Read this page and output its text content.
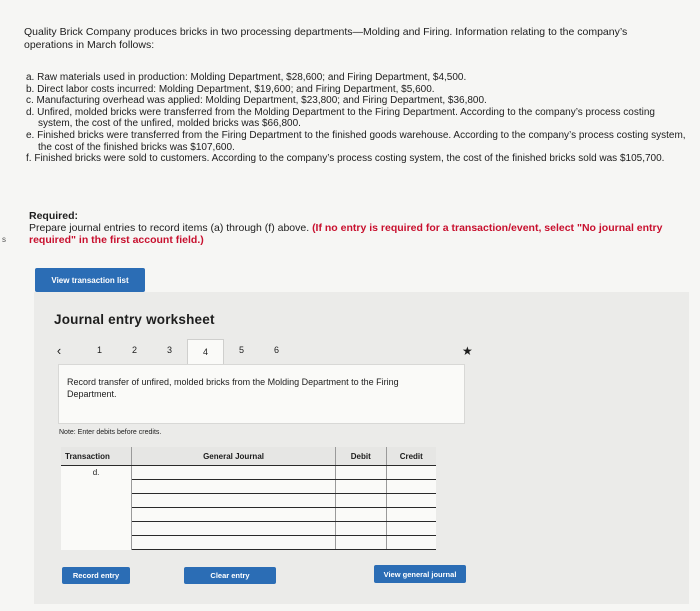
Quality Brick Company produces bricks in two processing departments—Molding and Firing. Information relating to the company’s operations in March follows:

a. Raw materials used in production: Molding Department, $28,600; and Firing Department, $4,500.
b. Direct labor costs incurred: Molding Department, $19,600; and Firing Department, $5,600.
c. Manufacturing overhead was applied: Molding Department, $23,800; and Firing Department, $36,800.
d. Unfired, molded bricks were transferred from the Molding Department to the Firing Department. According to the company’s process costing system, the cost of the unfired, molded bricks was $66,800.
e. Finished bricks were transferred from the Firing Department to the finished goods warehouse. According to the company’s process costing system, the cost of the finished bricks was $107,600.
f. Finished bricks were sold to customers. According to the company’s process costing system, the cost of the finished bricks sold was $105,700.

Required:

Prepare journal entries to record items (a) through (f) above. (If no entry is required for a transaction/event, select "No journal entry required" in the first account field.)

s
View transaction list

Journal entry worksheet

‹	1	2	3	4	5	6	★

Record transfer of unfired, molded bricks from the Molding Department to the Firing Department.

Note: Enter debits before credits.

Transaction	General Journal	Debit	Credit
d.			

Record entry	Clear entry	View general journal
